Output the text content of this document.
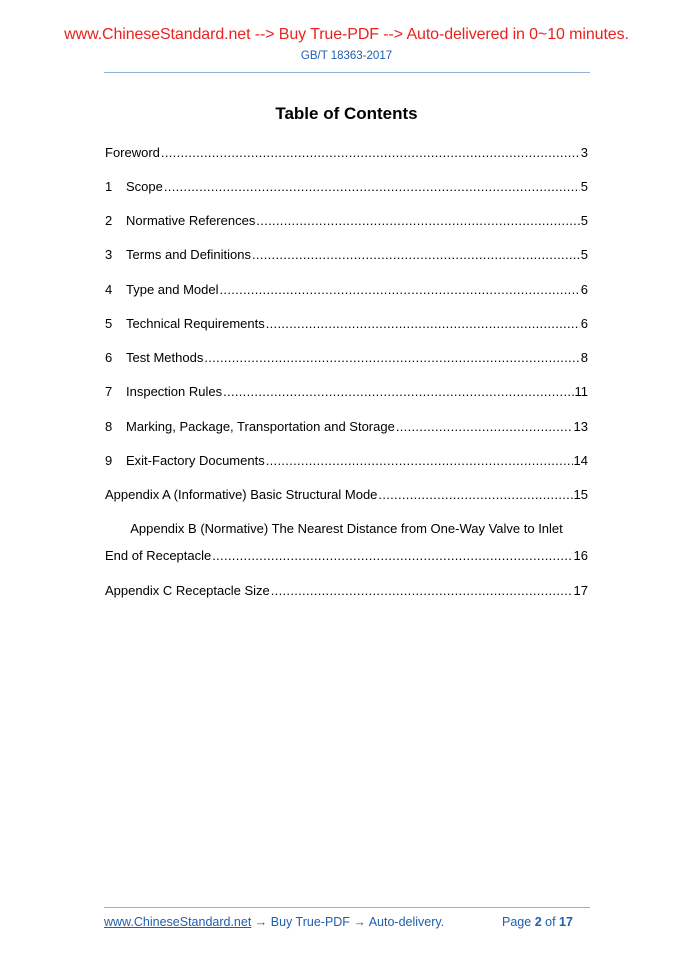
www.ChineseStandard.net --> Buy True-PDF --> Auto-delivered in 0~10 minutes.
GB/T 18363-2017
Table of Contents
Foreword .....	3
1	Scope .....	5
2	Normative References .....	5
3	Terms and Definitions .....	5
4	Type and Model .....	6
5	Technical Requirements .....	6
6	Test Methods .....	8
7	Inspection Rules .....	11
8	Marking, Package, Transportation and Storage .....	13
9	Exit-Factory Documents .....	14
Appendix A (Informative) Basic Structural Mode .....	15
Appendix B (Normative) The Nearest Distance from One-Way Valve to Inlet
End of Receptacle .....	16
Appendix C Receptacle Size .....	17
www.ChineseStandard.net → Buy True-PDF → Auto-delivery.	Page 2 of 17
